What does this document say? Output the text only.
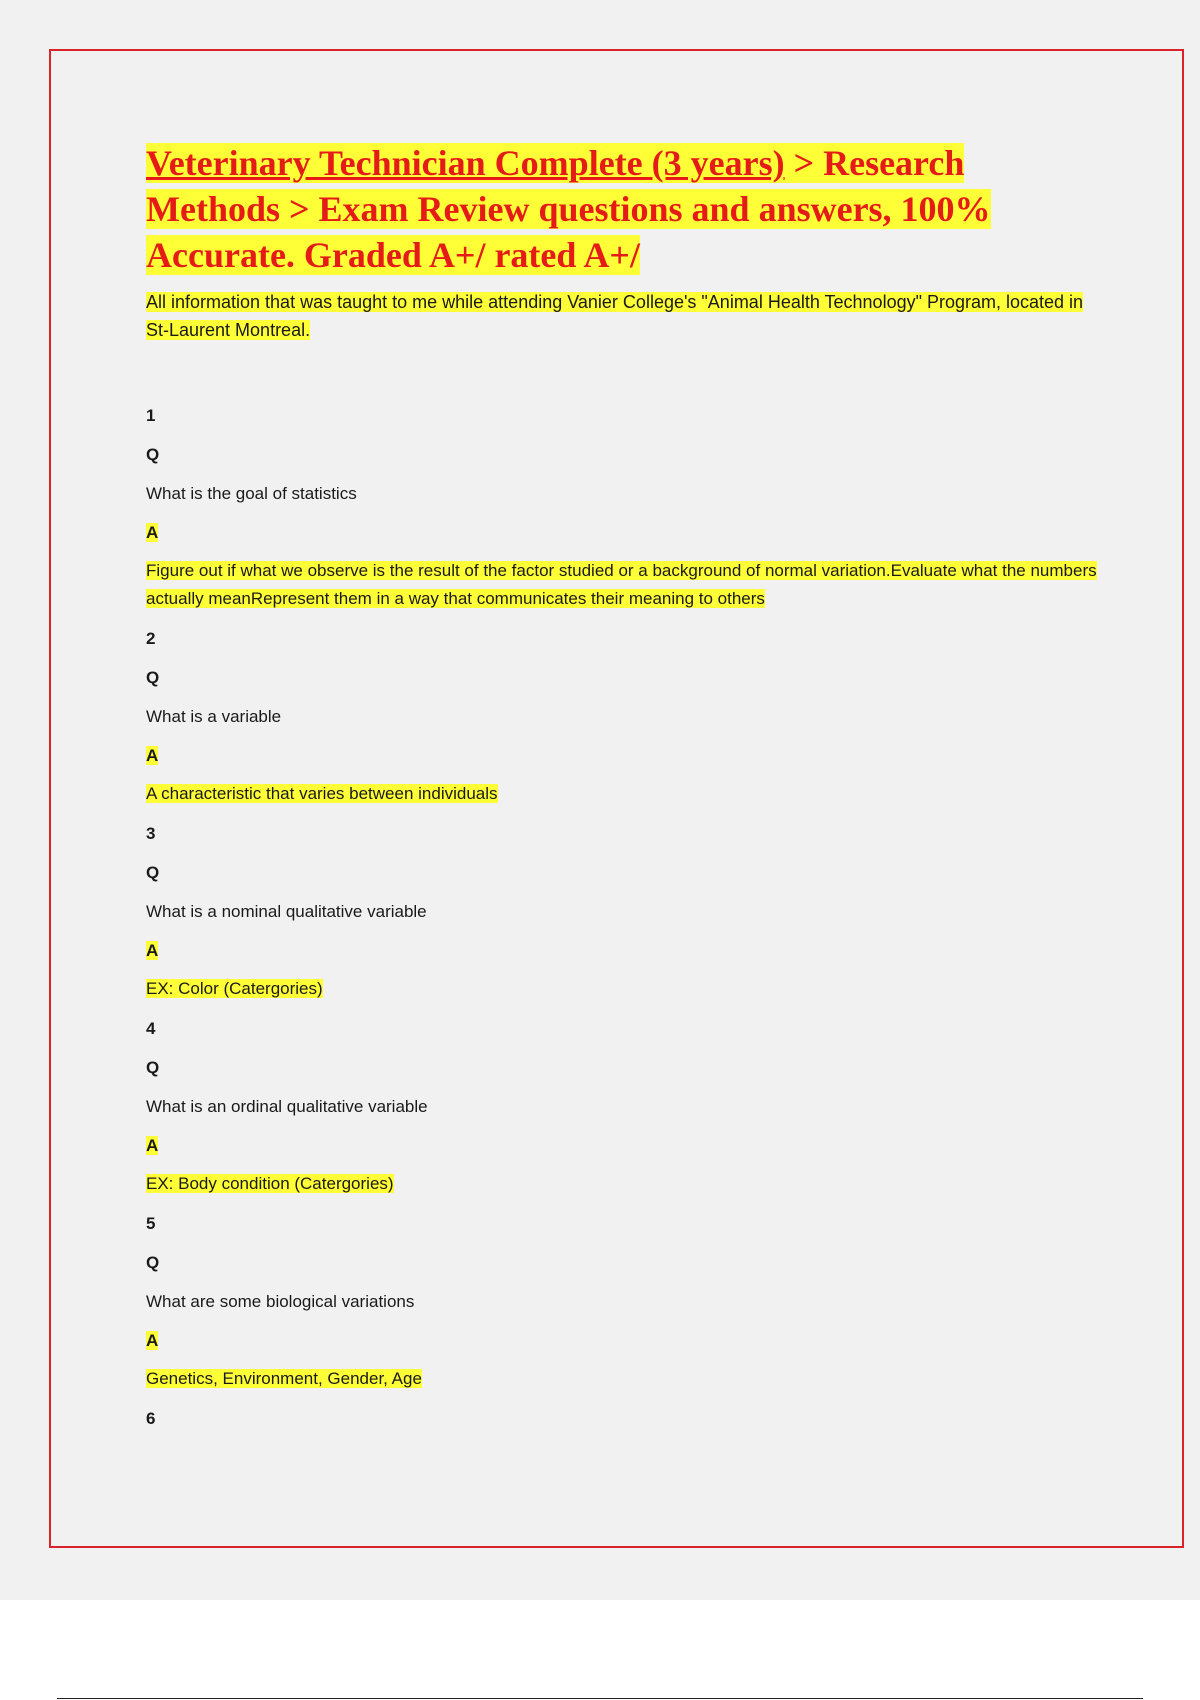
Veterinary Technician Complete (3 years) > Research Methods > Exam Review questions and answers, 100% Accurate. Graded A+/ rated A+/

All information that was taught to me while attending Vanier College's "Animal Health Technology" Program, located in St-Laurent Montreal.

1
Q
What is the goal of statistics
A
Figure out if what we observe is the result of the factor studied or a background of normal variation.Evaluate what the numbers actually meanRepresent them in a way that communicates their meaning to others
2
Q
What is a variable
A
A characteristic that varies between individuals
3
Q
What is a nominal qualitative variable
A
EX: Color (Catergories)
4
Q
What is an ordinal qualitative variable
A
EX: Body condition (Catergories)
5
Q
What are some biological variations
A
Genetics, Environment, Gender, Age
6
